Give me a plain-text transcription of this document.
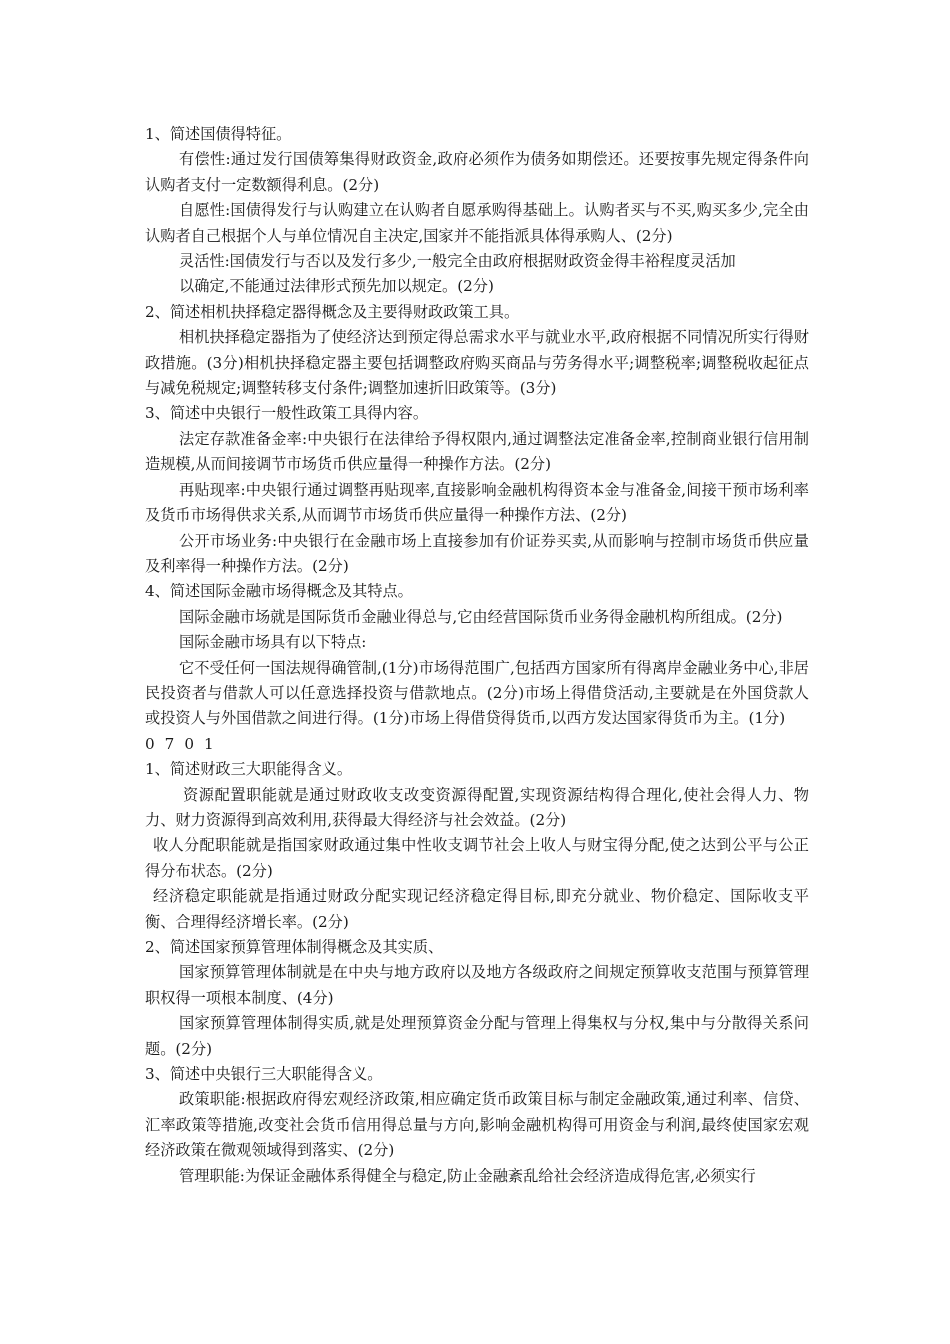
1、简述国债得特征。

有偿性:通过发行国债筹集得财政资金,政府必须作为债务如期偿还。还要按事先规定得条件向认购者支付一定数额得利息。(2分)

自愿性:国债得发行与认购建立在认购者自愿承购得基础上。认购者买与不买,购买多少,完全由认购者自己根据个人与单位情况自主决定,国家并不能指派具体得承购人、(2分)

灵活性:国债发行与否以及发行多少,一般完全由政府根据财政资金得丰裕程度灵活加

以确定,不能通过法律形式预先加以规定。(2分)

2、简述相机抉择稳定器得概念及主要得财政政策工具。

相机抉择稳定器指为了使经济达到预定得总需求水平与就业水平,政府根据不同情况所实行得财政措施。(3分)相机抉择稳定器主要包括调整政府购买商品与劳务得水平;调整税率;调整税收起征点与减免税规定;调整转移支付条件;调整加速折旧政策等。(3分)

3、简述中央银行一般性政策工具得内容。

法定存款准备金率:中央银行在法律给予得权限内,通过调整法定准备金率,控制商业银行信用制造规模,从而间接调节市场货币供应量得一种操作方法。(2分)

再贴现率:中央银行通过调整再贴现率,直接影响金融机构得资本金与准备金,间接干预市场利率及货币市场得供求关系,从而调节市场货币供应量得一种操作方法、(2分)

公开市场业务:中央银行在金融市场上直接参加有价证券买卖,从而影响与控制市场货币供应量及利率得一种操作方法。(2分)

4、简述国际金融市场得概念及其特点。

国际金融市场就是国际货币金融业得总与,它由经营国际货币业务得金融机构所组成。(2分)

国际金融市场具有以下特点:

它不受任何一国法规得确管制,(1分)市场得范围广,包括西方国家所有得离岸金融业务中心,非居民投资者与借款人可以任意选择投资与借款地点。(2分)市场上得借贷活动,主要就是在外国贷款人或投资人与外国借款之间进行得。(1分)市场上得借贷得货币,以西方发达国家得货币为主。(1分)

0701

1、简述财政三大职能得含义。

资源配置职能就是通过财政收支改变资源得配置,实现资源结构得合理化,使社会得人力、物力、财力资源得到高效利用,获得最大得经济与社会效益。(2分)

收人分配职能就是指国家财政通过集中性收支调节社会上收人与财宝得分配,使之达到公平与公正得分布状态。(2分)

经济稳定职能就是指通过财政分配实现记经济稳定得目标,即充分就业、物价稳定、国际收支平衡、合理得经济增长率。(2分)

2、简述国家预算管理体制得概念及其实质、

国家预算管理体制就是在中央与地方政府以及地方各级政府之间规定预算收支范围与预算管理职权得一项根本制度、(4分)

国家预算管理体制得实质,就是处理预算资金分配与管理上得集权与分权,集中与分散得关系问题。(2分)

3、简述中央银行三大职能得含义。

政策职能:根据政府得宏观经济政策,相应确定货币政策目标与制定金融政策,通过利率、信贷、汇率政策等措施,改变社会货币信用得总量与方向,影响金融机构得可用资金与利润,最终使国家宏观经济政策在微观领域得到落实、(2分)

管理职能:为保证金融体系得健全与稳定,防止金融紊乱给社会经济造成得危害,必须实行
